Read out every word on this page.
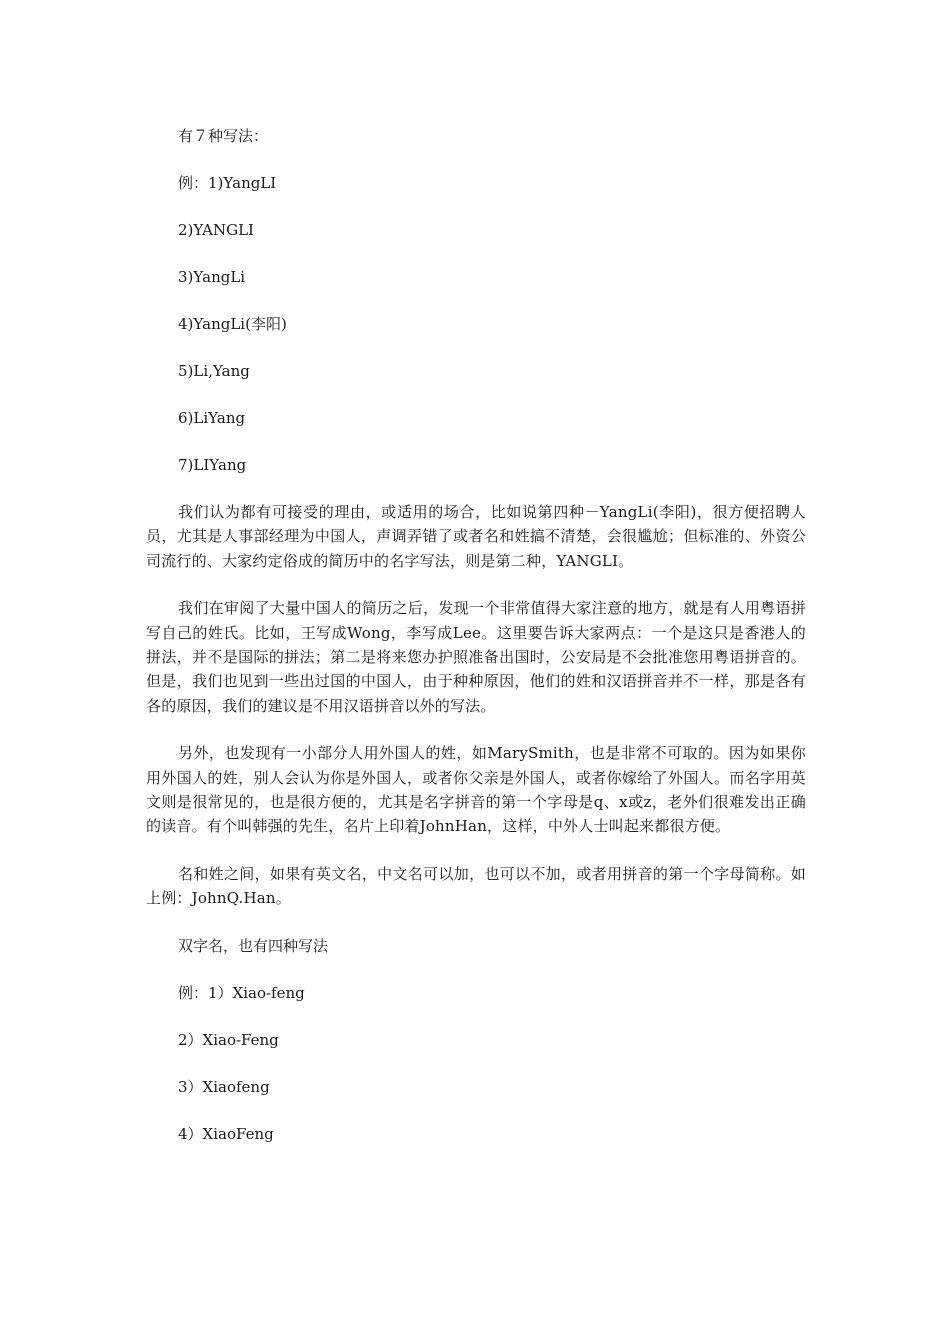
有７种写法：

例：1)YangLI

2)YANGLI

3)YangLi

4)YangLi(李阳)

5)Li,Yang

6)LiYang

7)LIYang

我们认为都有可接受的理由，或适用的场合，比如说第四种－YangLi(李阳)，很方便招聘人员，尤其是人事部经理为中国人，声调弄错了或者名和姓搞不清楚，会很尴尬；但标准的、外资公司流行的、大家约定俗成的简历中的名字写法，则是第二种，YANGLI。

我们在审阅了大量中国人的简历之后，发现一个非常值得大家注意的地方，就是有人用粤语拼写自己的姓氏。比如，王写成Wong，李写成Lee。这里要告诉大家两点：一个是这只是香港人的拼法，并不是国际的拼法；第二是将来您办护照准备出国时，公安局是不会批准您用粤语拼音的。但是，我们也见到一些出过国的中国人，由于种种原因，他们的姓和汉语拼音并不一样，那是各有各的原因，我们的建议是不用汉语拼音以外的写法。

另外，也发现有一小部分人用外国人的姓，如MarySmith，也是非常不可取的。因为如果你用外国人的姓，别人会认为你是外国人，或者你父亲是外国人，或者你嫁给了外国人。而名字用英文则是很常见的，也是很方便的，尤其是名字拼音的第一个字母是q、x或z，老外们很难发出正确的读音。有个叫韩强的先生，名片上印着JohnHan，这样，中外人士叫起来都很方便。

名和姓之间，如果有英文名，中文名可以加，也可以不加，或者用拼音的第一个字母简称。如上例：JohnQ.Han。

双字名，也有四种写法

例：1）Xiao-feng

2）Xiao-Feng

3）Xiaofeng

4）XiaoFeng
